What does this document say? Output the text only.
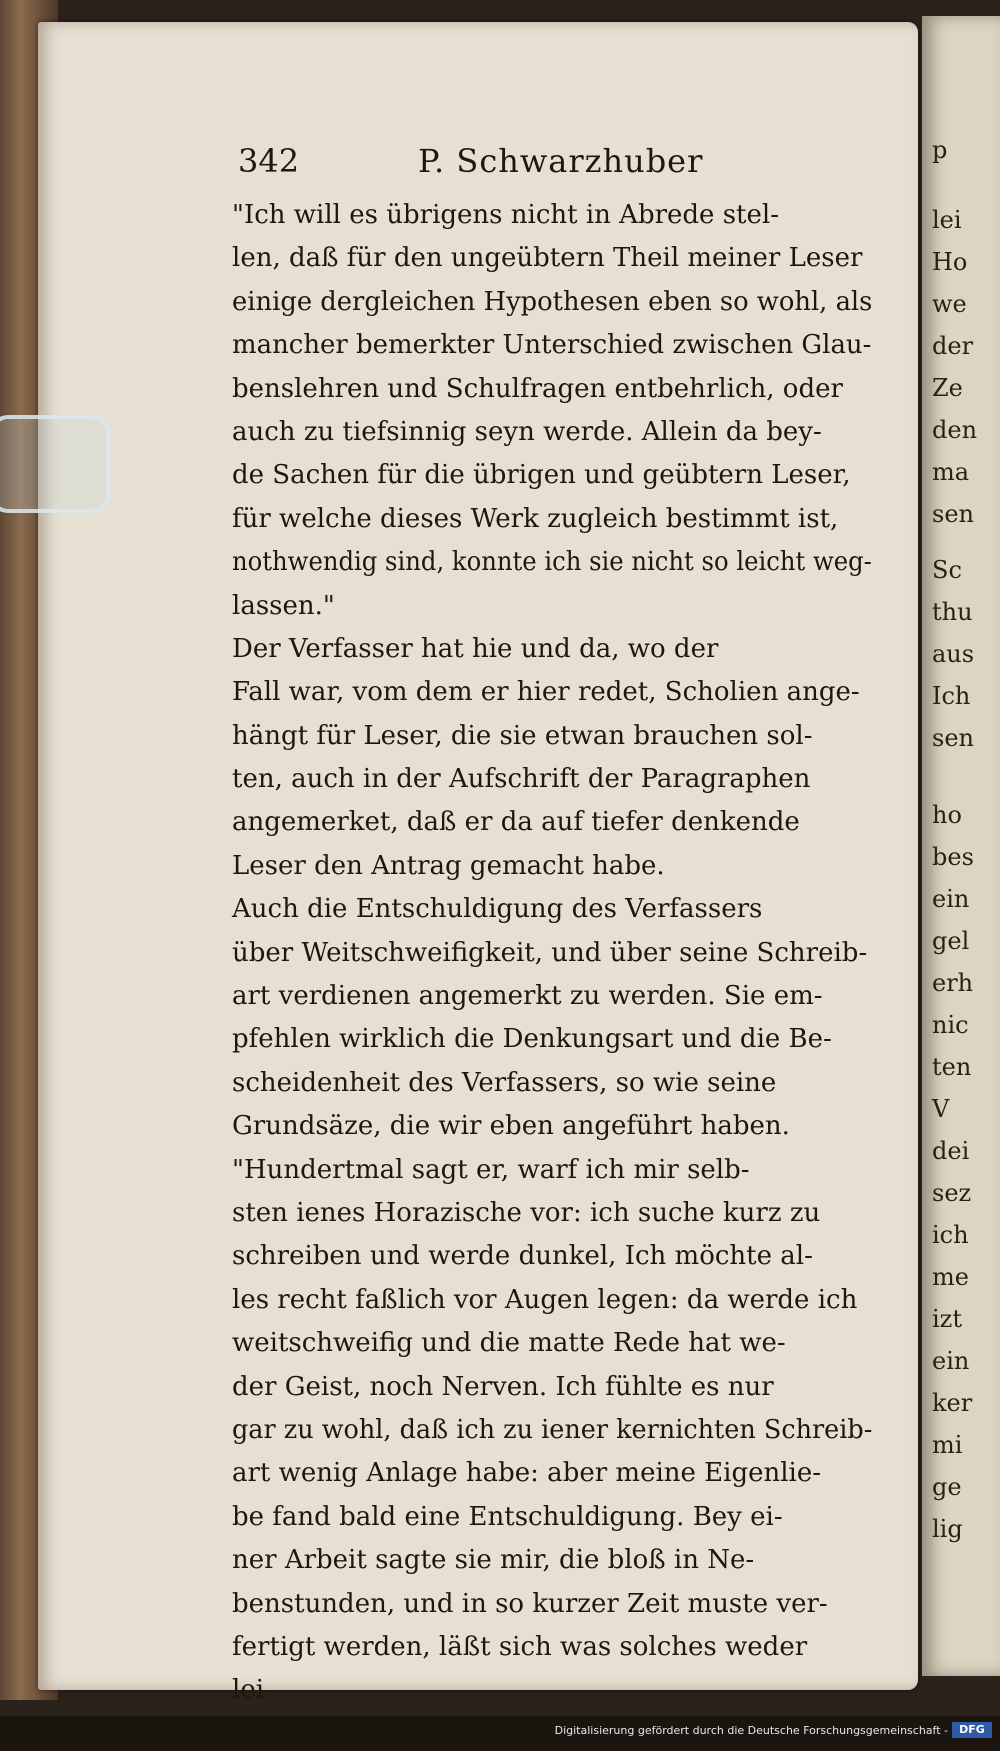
p
lei
Ho
we
der
Ze
den
ma
sen
Sc
thu
aus
Ich
sen
ho
bes
ein
gel
erh
nic
ten
V
dei
sez
ich
me
izt
ein
ker
mi
ge
lig
342	P. Schwarzhuber
"Ich will es übrigens nicht in Abrede stel-
len, daß für den ungeübtern Theil meiner Leser
einige dergleichen Hypothesen eben so wohl, als
mancher bemerkter Unterschied zwischen Glau-
benslehren und Schulfragen entbehrlich, oder
auch zu tiefsinnig seyn werde. Allein da bey-
de Sachen für die übrigen und geübtern Leser,
für welche dieses Werk zugleich bestimmt ist,
nothwendig sind, konnte ich sie nicht so leicht weg-
lassen."
Der Verfasser hat hie und da, wo der
Fall war, vom dem er hier redet, Scholien ange-
hängt für Leser, die sie etwan brauchen sol-
ten, auch in der Aufschrift der Paragraphen
angemerket, daß er da auf tiefer denkende
Leser den Antrag gemacht habe.
Auch die Entschuldigung des Verfassers
über Weitschweifigkeit, und über seine Schreib-
art verdienen angemerkt zu werden. Sie em-
pfehlen wirklich die Denkungsart und die Be-
scheidenheit des Verfassers, so wie seine
Grundsäze, die wir eben angeführt haben.
"Hundertmal sagt er, warf ich mir selb-
sten ienes Horazische vor: ich suche kurz zu
schreiben und werde dunkel, Ich möchte al-
les recht faßlich vor Augen legen: da werde ich
weitschweifig und die matte Rede hat we-
der Geist, noch Nerven. Ich fühlte es nur
gar zu wohl, daß ich zu iener kernichten Schreib-
art wenig Anlage habe: aber meine Eigenlie-
be fand bald eine Entschuldigung. Bey ei-
ner Arbeit sagte sie mir, die bloß in Ne-
benstunden, und in so kurzer Zeit muste ver-
fertigt werden, läßt sich was solches weder
lei-
Digitalisierung gefördert durch die Deutsche Forschungsgemeinschaft -	DFG
